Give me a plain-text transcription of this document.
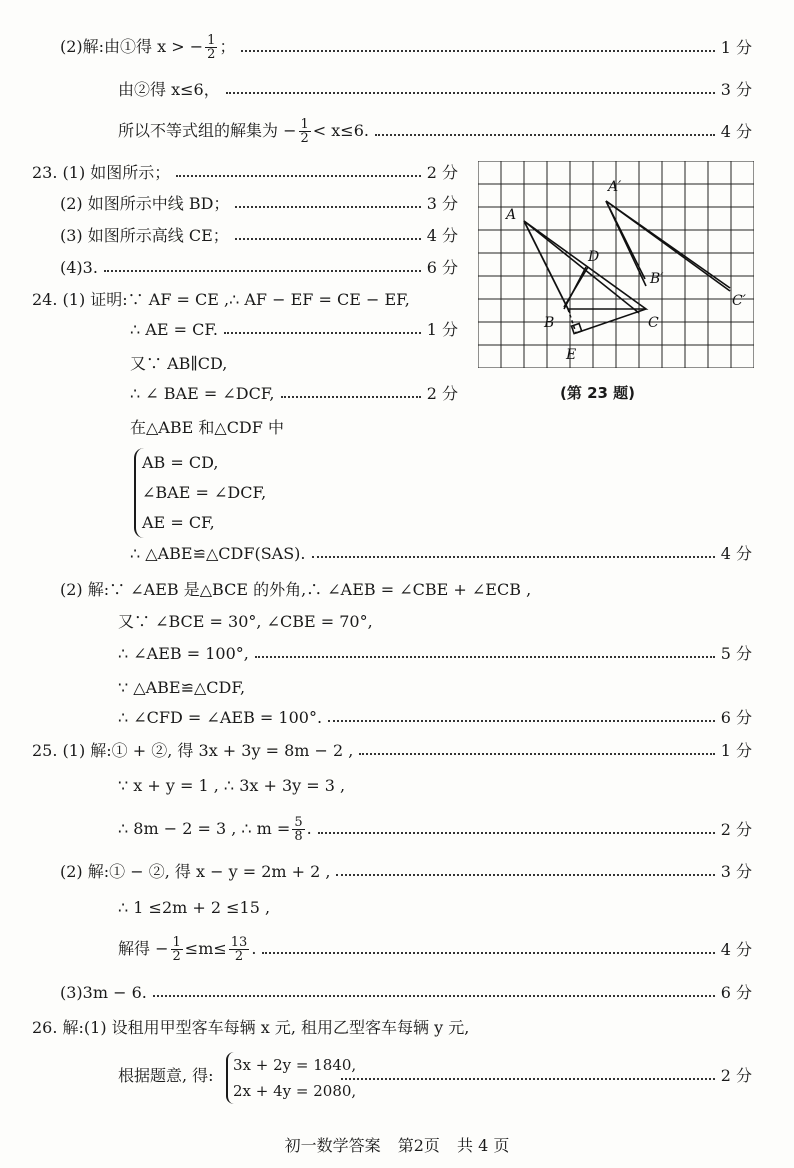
(2)解:由①得 x > − $\frac{1}{2}$ ；	1 分
由②得 x≤6，	3 分
所以不等式组的解集为 − $\frac{1}{2} < x\le 6$.	4 分
23. (1) 如图所示；	2 分
(2) 如图所示中线 BD；	3 分
(3) 如图所示高线 CE；	4 分
(4)3.	6 分
24. (1) 证明:∵ AF = CE ,∴ AF − EF = CE − EF,
∴ AE = CF.	1 分
又∵ AB∥CD,
∴ ∠ BAE = ∠DCF,	2 分
在△ABE 和△CDF 中
∴ △ABE≌△CDF(SAS).	4 分
(2) 解:∵ ∠AEB 是△BCE 的外角,∴ ∠AEB = ∠CBE + ∠ECB ,
又∵ ∠BCE = 30°, ∠CBE = 70°,
∴ ∠AEB = 100°,	5 分
∵ △ABE≌△CDF,
∴ ∠CFD = ∠AEB = 100°.	6 分
25. (1) 解:① + ②, 得 3x + 3y = 8m − 2 ,	1 分
∵ x + y = 1 , ∴ 3x + 3y = 3 ,
∴ 8m − 2 = 3 , ∴ $m = \frac{5}{8}$ .	2 分
(2) 解:① − ②, 得 x − y = 2m + 2 ,	3 分
∴ 1 ≤2m + 2 ≤15 ,
解得 − $\frac{1}{2} \le m\le \frac{13}{2}$ .	4 分
(3)3m − 6.	6 分
26. 解:(1) 设租用甲型客车每辆 x 元, 租用乙型客车每辆 y 元,
根据题意, 得:	2 分
AB = CD,
∠BAE = ∠DCF,
AE = CF,
3x + 2y = 1840,
2x + 4y = 2080,
A
A′
B
B′
C
C′
D
E
(第 23 题)
初一数学答案 第2页 共 4 页
